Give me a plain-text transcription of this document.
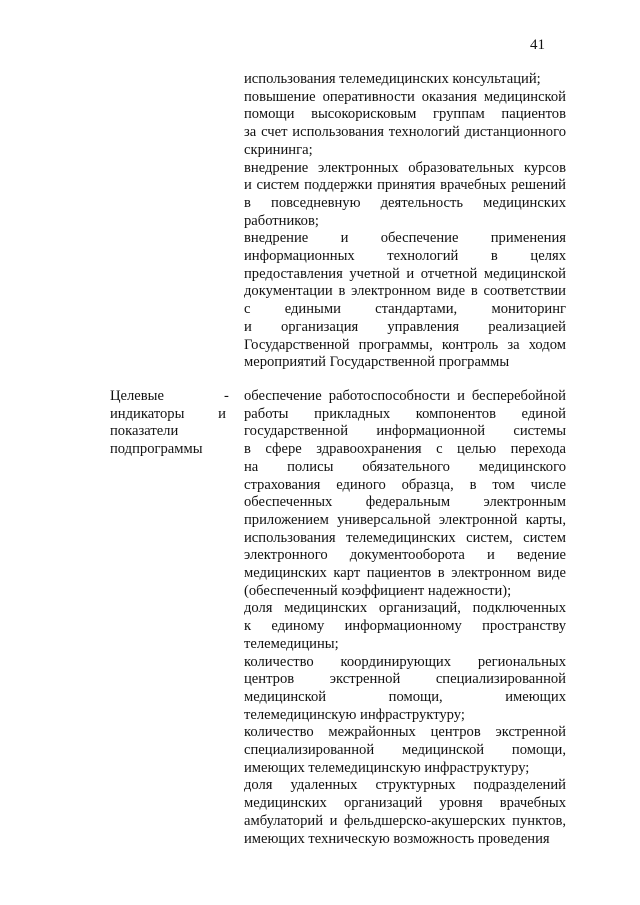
41
использования телемедицинских консультаций;
повышение оперативности оказания медицинской
помощи высокорисковым группам пациентов
за счет использования технологий дистанционного
скрининга;
внедрение электронных образовательных курсов
и систем поддержки принятия врачебных решений
в повседневную деятельность медицинских
работников;
внедрение и обеспечение применения
информационных технологий в целях
предоставления учетной и отчетной медицинской
документации в электронном виде в соответствии
с едиными стандартами, мониторинг
и организация управления реализацией
Государственной программы, контроль за ходом
мероприятий Государственной программы
Целевые
индикаторы и
показатели
подпрограммы
- обеспечение работоспособности и бесперебойной
работы прикладных компонентов единой
государственной информационной системы
в сфере здравоохранения с целью перехода
на полисы обязательного медицинского
страхования единого образца, в том числе
обеспеченных федеральным электронным
приложением универсальной электронной карты,
использования телемедицинских систем, систем
электронного документооборота и ведение
медицинских карт пациентов в электронном виде
(обеспеченный коэффициент надежности);
доля медицинских организаций, подключенных
к единому информационному пространству
телемедицины;
количество координирующих региональных
центров экстренной специализированной
медицинской помощи, имеющих
телемедицинскую инфраструктуру;
количество межрайонных центров экстренной
специализированной медицинской помощи,
имеющих телемедицинскую инфраструктуру;
доля удаленных структурных подразделений
медицинских организаций уровня врачебных
амбулаторий и фельдшерско-акушерских пунктов,
имеющих техническую возможность проведения
